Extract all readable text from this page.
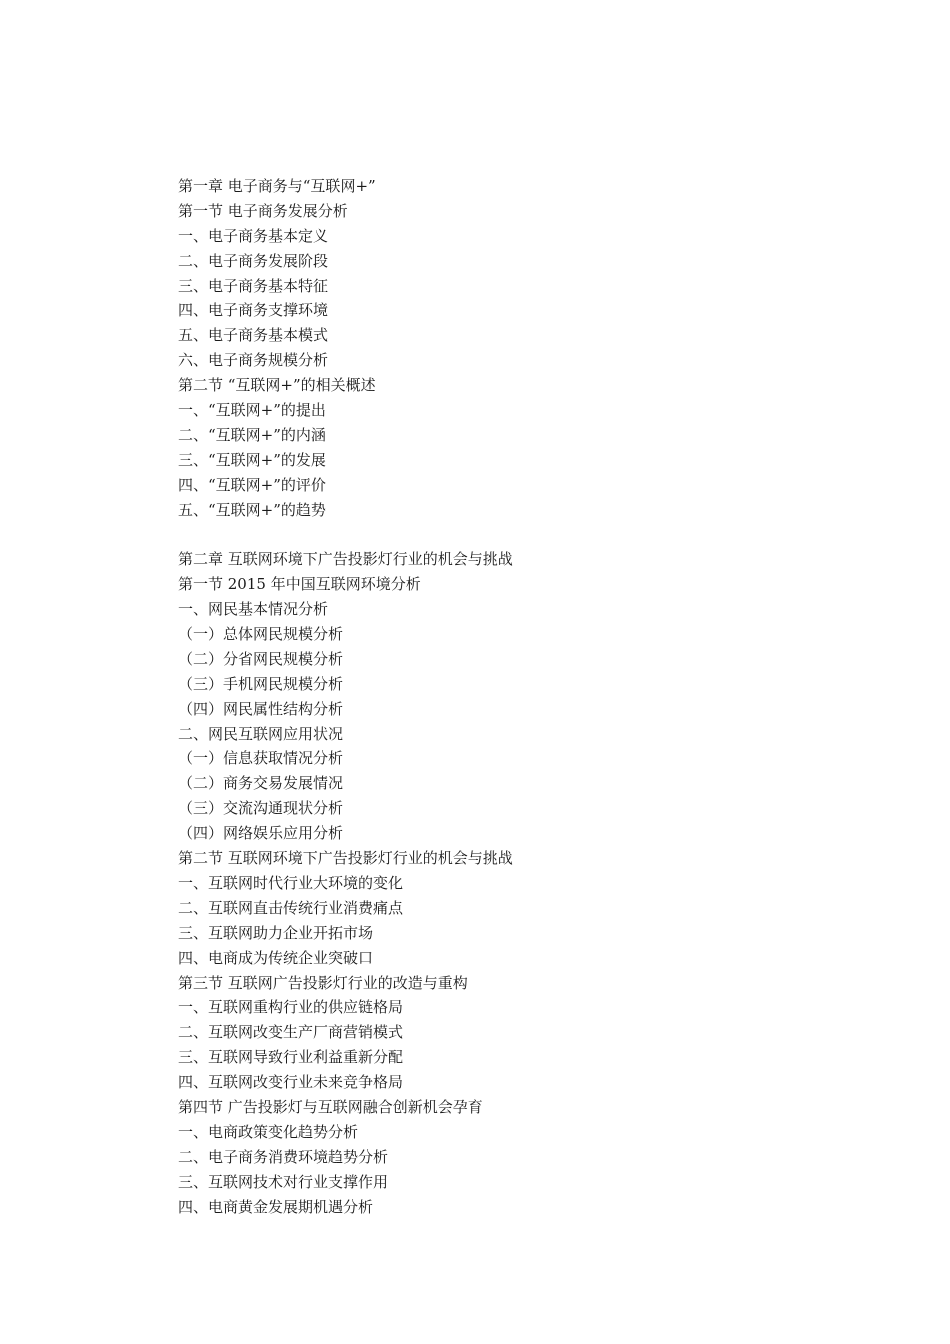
第一章 电子商务与“互联网+”
第一节 电子商务发展分析
一、电子商务基本定义
二、电子商务发展阶段
三、电子商务基本特征
四、电子商务支撑环境
五、电子商务基本模式
六、电子商务规模分析
第二节 “互联网+”的相关概述
一、“互联网+”的提出
二、“互联网+”的内涵
三、“互联网+”的发展
四、“互联网+”的评价
五、“互联网+”的趋势
第二章 互联网环境下广告投影灯行业的机会与挑战
第一节 2015 年中国互联网环境分析
一、网民基本情况分析
（一）总体网民规模分析
（二）分省网民规模分析
（三）手机网民规模分析
（四）网民属性结构分析
二、网民互联网应用状况
（一）信息获取情况分析
（二）商务交易发展情况
（三）交流沟通现状分析
（四）网络娱乐应用分析
第二节 互联网环境下广告投影灯行业的机会与挑战
一、互联网时代行业大环境的变化
二、互联网直击传统行业消费痛点
三、互联网助力企业开拓市场
四、电商成为传统企业突破口
第三节 互联网广告投影灯行业的改造与重构
一、互联网重构行业的供应链格局
二、互联网改变生产厂商营销模式
三、互联网导致行业利益重新分配
四、互联网改变行业未来竞争格局
第四节 广告投影灯与互联网融合创新机会孕育
一、电商政策变化趋势分析
二、电子商务消费环境趋势分析
三、互联网技术对行业支撑作用
四、电商黄金发展期机遇分析
